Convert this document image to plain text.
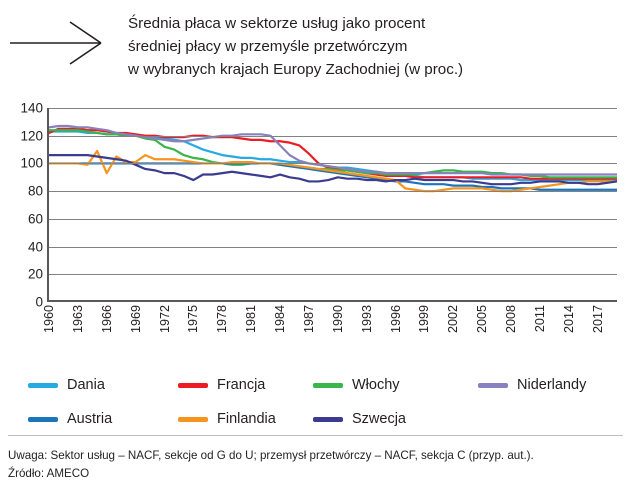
Średnia płaca w sektorze usług jako procent
średniej płacy w przemyśle przetwórczym
w wybranych krajach Europy Zachodniej (w proc.)
0
20
40
60
80
100
120
140
1960 1963 1966 1969 1972 1975 1978 1981 1984 1987 1990 1993 1996 1999 2002 2005 2008 2011 2014 2017
Dania	Francja	Włochy	Niderlandy
Austria	Finlandia	Szwecja
Uwaga: Sektor usług – NACF, sekcje od G do U; przemysł przetwórczy – NACF, sekcja C (przyp. aut.).
Źródło: AMECO
